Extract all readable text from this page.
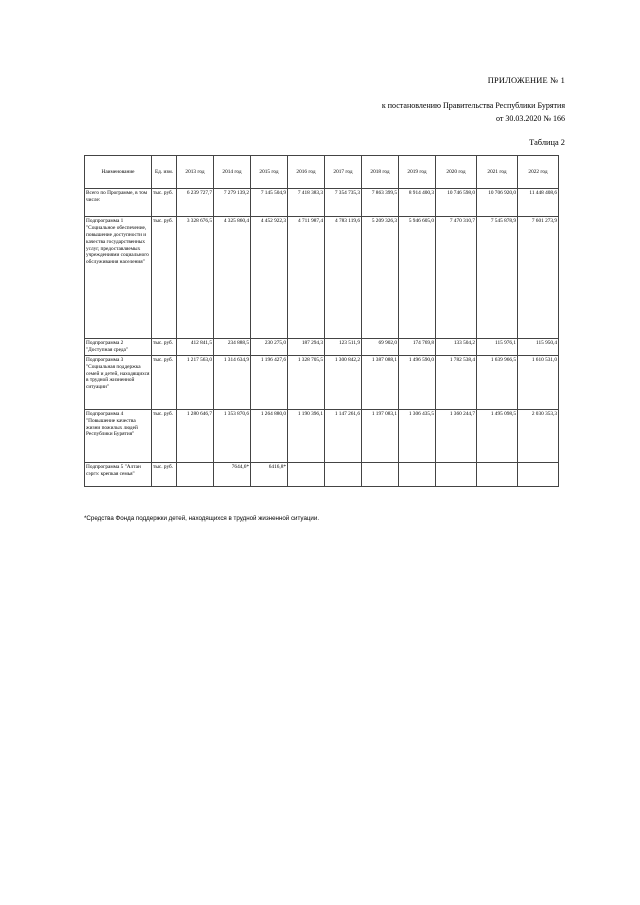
ПРИЛОЖЕНИЕ № 1
к постановлению Правительства Республики Бурятия
от 30.03.2020 № 166
Таблица 2
Наименование	Ед. изм.	2013 год	2014 год	2015 год	2016 год	2017 год	2018 год	2019 год	2020 год	2021 год	2022 год
Всего по Программе, в том числе:	тыс. руб.	6 239 727,7	7 279 139,2	7 145 504,9	7 418 383,3	7 354 735,3	7 863 399,5	8 914 400,3	10 746 598,0	10 706 920,0	11 448 408,6
Подпрограмма 1 "Социальное обеспечение, повышение доступности и качества государственных услуг, предоставляемых учреждениями социального обслуживания населения"	тыс. руб.	3 328 676,5	4 325 860,4	4 452 922,3	4 711 987,4	4 783 119,6	5 209 326,3	5 946 605,0	7 470 310,7	7 545 878,9	7 601 273,9
Подпрограмма 2 "Доступная среда"	тыс. руб.	412 841,5	234 888,5	230 275,0	187 294,3	123 511,9	69 902,0	174 769,8	133 504,2	115 976,1	115 950,4
Подпрограмма 3 "Социальная поддержка семей и детей, находящихся в трудной жизненной ситуации"	тыс. руб.	1 217 563,0	1 314 634,9	1 196 427,6	1 328 705,5	1 300 842,2	1 387 088,1	1 496 590,0	1 782 538,4	1 639 966,5	1 610 531,0
Подпрограмма 4 "Повышение качества жизни пожилых людей Республики Бурятия"	тыс. руб.	1 280 646,7	1 353 870,6	1 264 880,0	1 190 396,1	1 147 261,6	1 197 083,1	1 306 435,5	1 360 244,7	1 495 098,5	2 030 353,3
Подпрограмма 5 "Алтан сэргэ: крепкая семья"	тыс. руб.		7644,6*	6416,8*							
*Средства Фонда поддержки детей, находящихся в трудной жизненной ситуации.
